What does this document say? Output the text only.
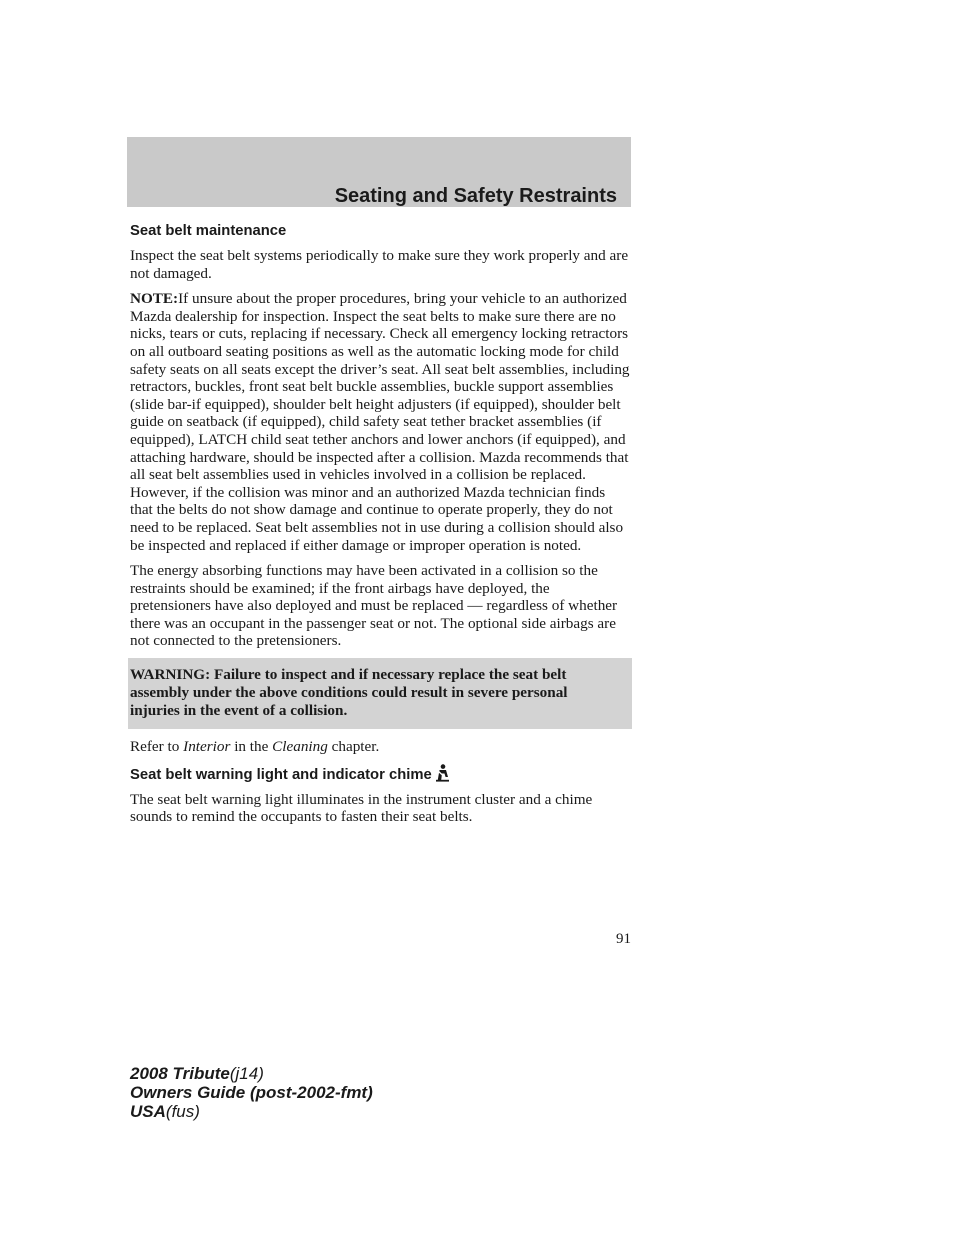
Seating and Safety Restraints
Seat belt maintenance

Inspect the seat belt systems periodically to make sure they work properly and are not damaged.

NOTE:If unsure about the proper procedures, bring your vehicle to an authorized Mazda dealership for inspection. Inspect the seat belts to make sure there are no nicks, tears or cuts, replacing if necessary. Check all emergency locking retractors on all outboard seating positions as well as the automatic locking mode for child safety seats on all seats except the driver’s seat. All seat belt assemblies, including retractors, buckles, front seat belt buckle assemblies, buckle support assemblies (slide bar-if equipped), shoulder belt height adjusters (if equipped), shoulder belt guide on seatback (if equipped), child safety seat tether bracket assemblies (if equipped), LATCH child seat tether anchors and lower anchors (if equipped), and attaching hardware, should be inspected after a collision. Mazda recommends that all seat belt assemblies used in vehicles involved in a collision be replaced. However, if the collision was minor and an authorized Mazda technician finds that the belts do not show damage and continue to operate properly, they do not need to be replaced. Seat belt assemblies not in use during a collision should also be inspected and replaced if either damage or improper operation is noted.

The energy absorbing functions may have been activated in a collision so the restraints should be examined; if the front airbags have deployed, the pretensioners have also deployed and must be replaced — regardless of whether there was an occupant in the passenger seat or not. The optional side airbags are not connected to the pretensioners.

WARNING: Failure to inspect and if necessary replace the seat belt assembly under the above conditions could result in severe personal injuries in the event of a collision.

Refer to Interior in the Cleaning chapter.

Seat belt warning light and indicator chime

The seat belt warning light illuminates in the instrument cluster and a chime sounds to remind the occupants to fasten their seat belts.

91
2008 Tribute(j14)
Owners Guide (post-2002-fmt)
USA(fus)
